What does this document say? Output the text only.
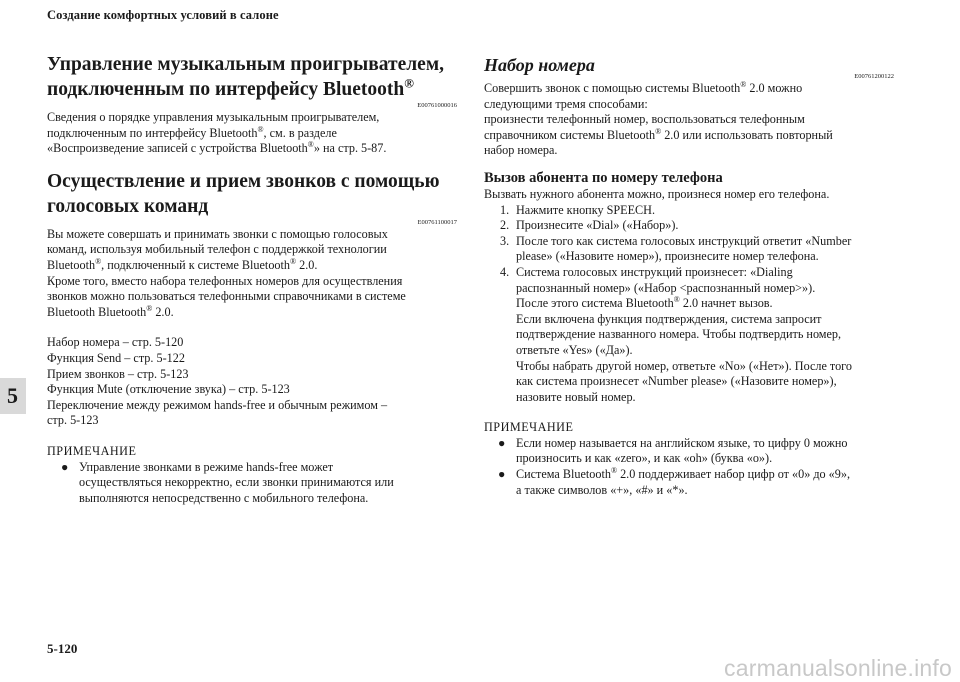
Создание комфортных условий в салоне
5
Управление музыкальным проигрывателем,
подключенным по интерфейсу Bluetooth®
E00761000016

Сведения о порядке управления музыкальным проигрывателем,

подключенным по интерфейсу Bluetooth®, см. в разделе

«Воспроизведение записей с устройства Bluetooth®» на стр. 5-87.

Осуществление и прием звонков с помощью
голосовых команд
E00761100017

Вы можете совершать и принимать звонки с помощью голосовых

команд, используя мобильный телефон с поддержкой технологии

Bluetooth®, подключенный к системе Bluetooth® 2.0.

Кроме того, вместо набора телефонных номеров для осуществления

звонков можно пользоваться телефонными справочниками в системе

Bluetooth Bluetooth® 2.0.

Набор номера – стр. 5-120

Функция Send – стр. 5-122

Прием звонков – стр. 5-123

Функция Mute (отключение звука) – стр. 5-123

Переключение между режимом hands-free и обычным режимом –

стр. 5-123

ПРИМЕЧАНИЕ

● Управление звонками в режиме hands-free может

осуществляться некорректно, если звонки принимаются или

выполняются непосредственно с мобильного телефона.

Набор номера
E00761200122

Совершить звонок с помощью системы Bluetooth® 2.0 можно

следующими тремя способами:

произнести телефонный номер, воспользоваться телефонным

справочником системы Bluetooth® 2.0 или использовать повторный

набор номера.

Вызов абонента по номеру телефона

Вызвать нужного абонента можно, произнеся номер его телефона.

1. Нажмите кнопку SPEECH.

2. Произнесите «Dial» («Набор»).

3. После того как система голосовых инструкций ответит «Number

please» («Назовите номер»), произнесите номер телефона.

4. Система голосовых инструкций произнесет: «Dialing

распознанный номер» («Набор <распознанный номер>»).

После этого система Bluetooth® 2.0 начнет вызов.

Если включена функция подтверждения, система запросит

подтверждение названного номера. Чтобы подтвердить номер,

ответьте «Yes» («Да»).

Чтобы набрать другой номер, ответьте «No» («Нет»). После того

как система произнесет «Number please» («Назовите номер»),

назовите новый номер.

ПРИМЕЧАНИЕ

● Если номер называется на английском языке, то цифру 0 можно

произносить и как «zero», и как «oh» (буква «o»).

● Система Bluetooth® 2.0 поддерживает набор цифр от «0» до «9»,

а также символов «+», «#» и «*».

5-120
carmanualsonline.info
